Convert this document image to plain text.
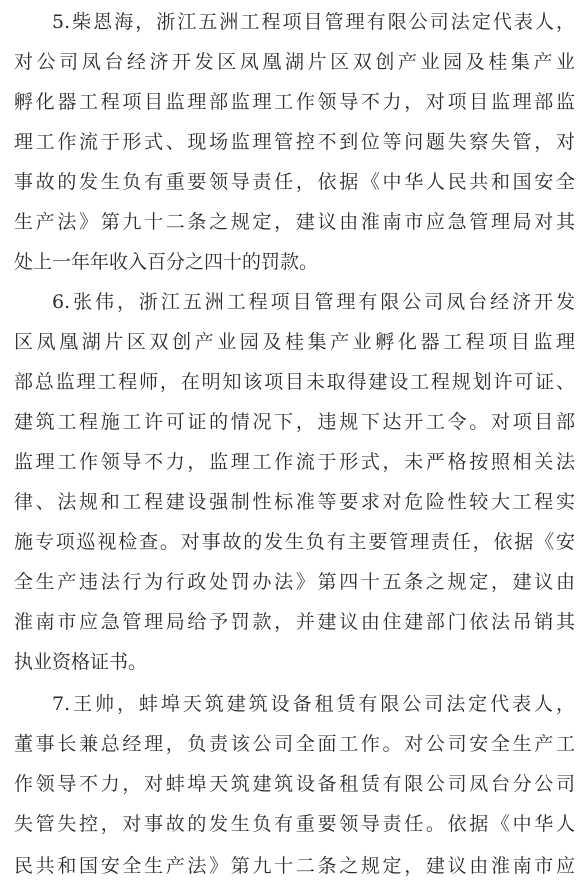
5.柴恩海，浙江五洲工程项目管理有限公司法定代表人，
对公司凤台经济开发区凤凰湖片区双创产业园及桂集产业
孵化器工程项目监理部监理工作领导不力，对项目监理部监
理工作流于形式、现场监理管控不到位等问题失察失管，对
事故的发生负有重要领导责任，依据《中华人民共和国安全
生产法》第九十二条之规定，建议由淮南市应急管理局对其
处上一年年收入百分之四十的罚款。
6.张伟，浙江五洲工程项目管理有限公司凤台经济开发
区凤凰湖片区双创产业园及桂集产业孵化器工程项目监理
部总监理工程师，在明知该项目未取得建设工程规划许可证、
建筑工程施工许可证的情况下，违规下达开工令。对项目部
监理工作领导不力，监理工作流于形式，未严格按照相关法
律、法规和工程建设强制性标准等要求对危险性较大工程实
施专项巡视检查。对事故的发生负有主要管理责任，依据《安
全生产违法行为行政处罚办法》第四十五条之规定，建议由
淮南市应急管理局给予罚款，并建议由住建部门依法吊销其
执业资格证书。
7.王帅，蚌埠天筑建筑设备租赁有限公司法定代表人，
董事长兼总经理，负责该公司全面工作。对公司安全生产工
作领导不力，对蚌埠天筑建筑设备租赁有限公司凤台分公司
失管失控，对事故的发生负有重要领导责任。依据《中华人
民共和国安全生产法》第九十二条之规定，建议由淮南市应
